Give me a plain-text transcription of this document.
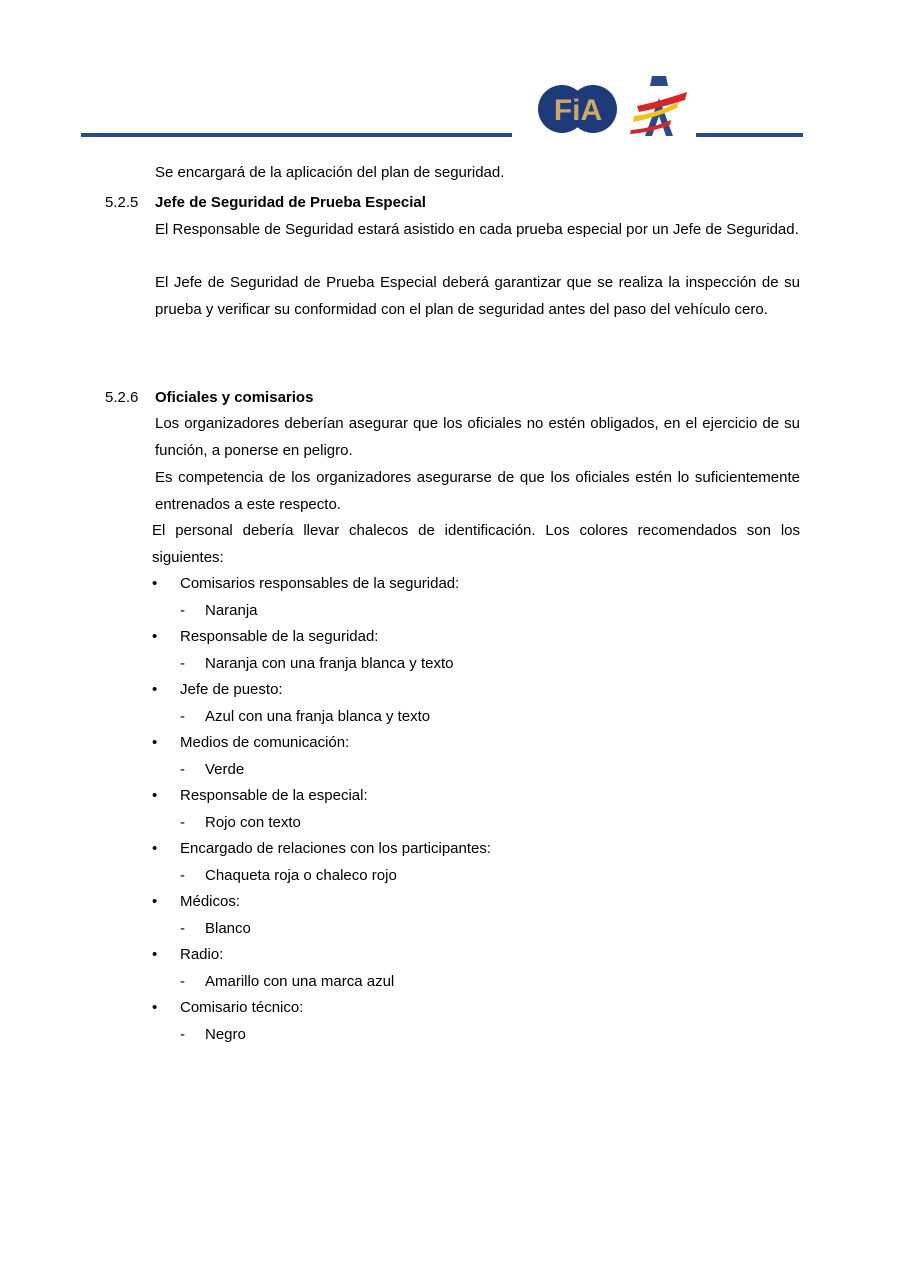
FiA
Se encargará de la aplicación del plan de seguridad.
5.2.5 Jefe de Seguridad de Prueba Especial
El Responsable de Seguridad estará asistido en cada prueba especial por un Jefe de Seguridad.
El Jefe de Seguridad de Prueba Especial deberá garantizar que se realiza la inspección de su prueba y verificar su conformidad con el plan de seguridad antes del paso del vehículo cero.
5.2.6 Oficiales y comisarios
Los organizadores deberían asegurar que los oficiales no estén obligados, en el ejercicio de su función, a ponerse en peligro.
Es competencia de los organizadores asegurarse de que los oficiales estén lo suficientemente entrenados a este respecto.
El personal debería llevar chalecos de identificación. Los colores recomendados son los siguientes:
• Comisarios responsables de la seguridad:
- Naranja
• Responsable de la seguridad:
- Naranja con una franja blanca y texto
• Jefe de puesto:
- Azul con una franja blanca y texto
• Medios de comunicación:
- Verde
• Responsable de la especial:
- Rojo con texto
• Encargado de relaciones con los participantes:
- Chaqueta roja o chaleco rojo
• Médicos:
- Blanco
• Radio:
- Amarillo con una marca azul
• Comisario técnico:
- Negro
